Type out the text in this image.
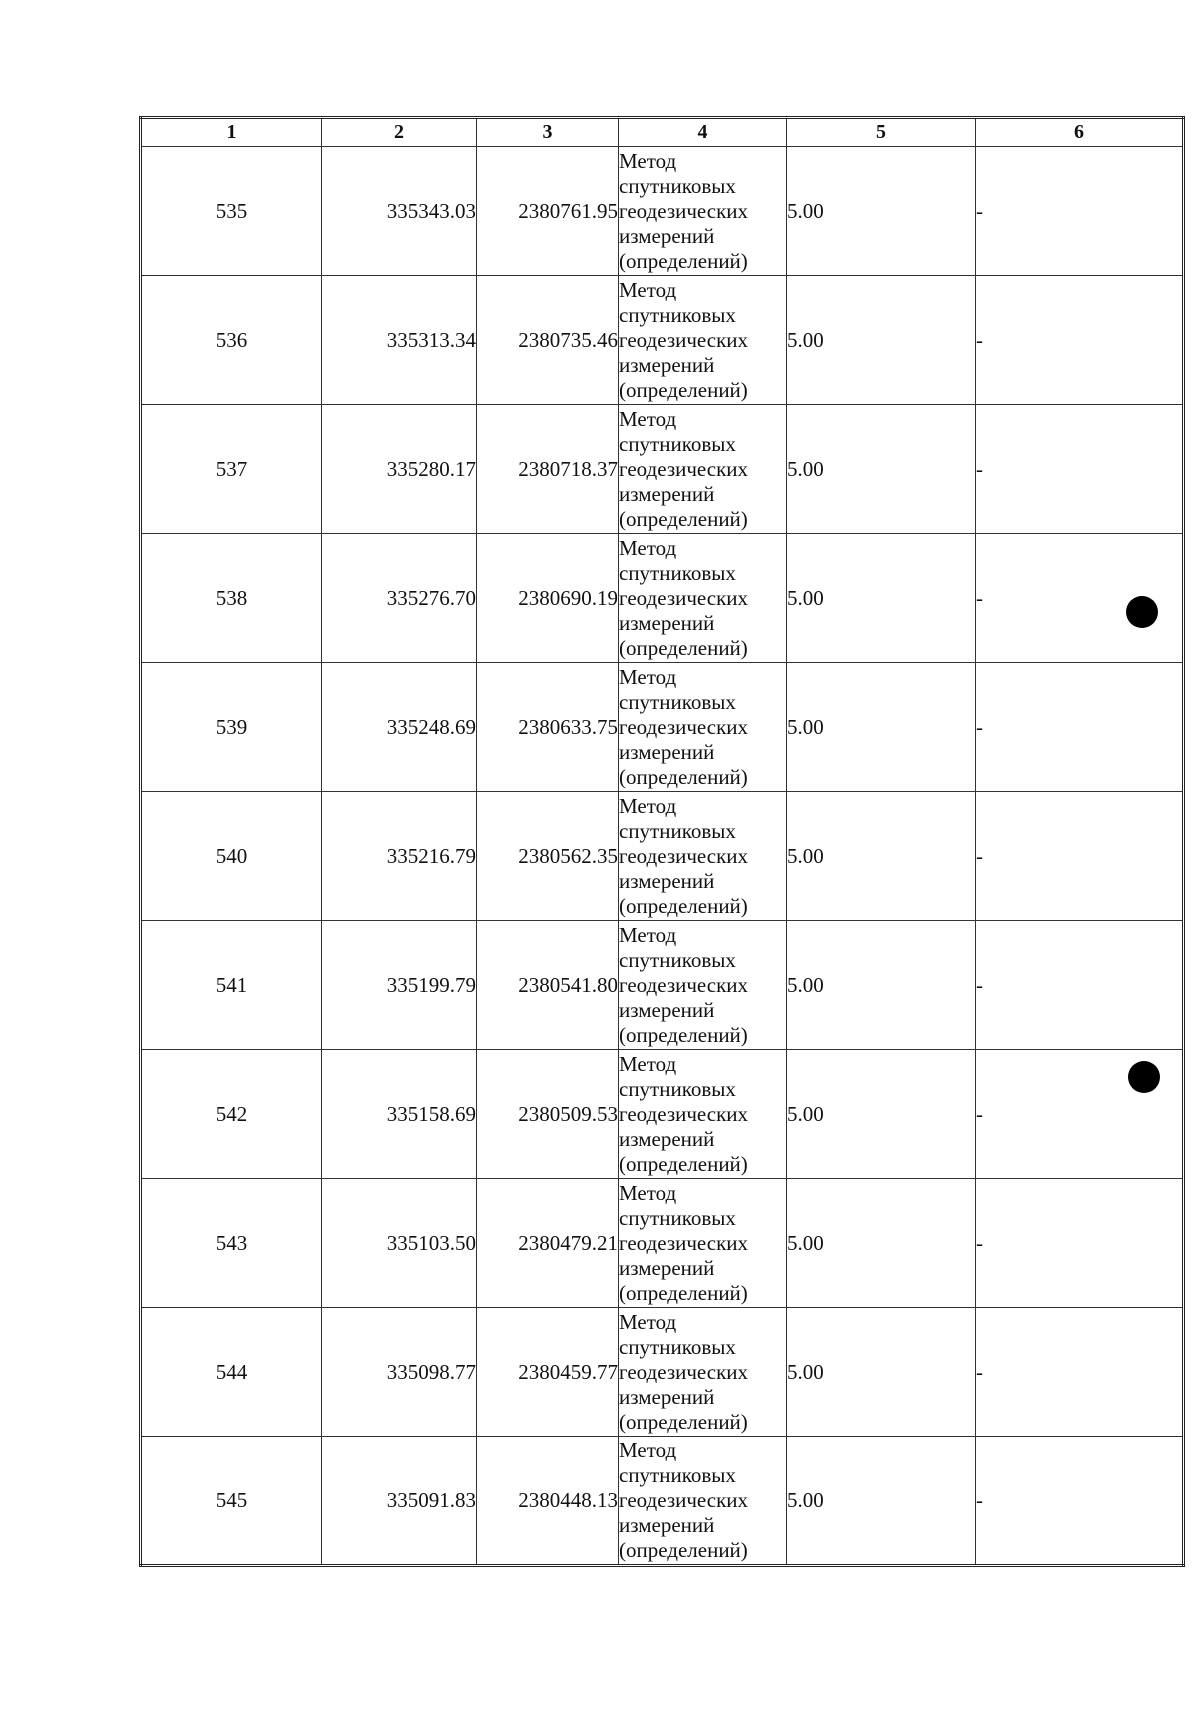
1	2	3	4	5	6
535	335343.03	2380761.95	Метод
спутниковых
геодезических
измерений
(определений)	5.00	-
536	335313.34	2380735.46	Метод
спутниковых
геодезических
измерений
(определений)	5.00	-
537	335280.17	2380718.37	Метод
спутниковых
геодезических
измерений
(определений)	5.00	-
538	335276.70	2380690.19	Метод
спутниковых
геодезических
измерений
(определений)	5.00	-
539	335248.69	2380633.75	Метод
спутниковых
геодезических
измерений
(определений)	5.00	-
540	335216.79	2380562.35	Метод
спутниковых
геодезических
измерений
(определений)	5.00	-
541	335199.79	2380541.80	Метод
спутниковых
геодезических
измерений
(определений)	5.00	-
542	335158.69	2380509.53	Метод
спутниковых
геодезических
измерений
(определений)	5.00	-
543	335103.50	2380479.21	Метод
спутниковых
геодезических
измерений
(определений)	5.00	-
544	335098.77	2380459.77	Метод
спутниковых
геодезических
измерений
(определений)	5.00	-
545	335091.83	2380448.13	Метод
спутниковых
геодезических
измерений
(определений)	5.00	-
